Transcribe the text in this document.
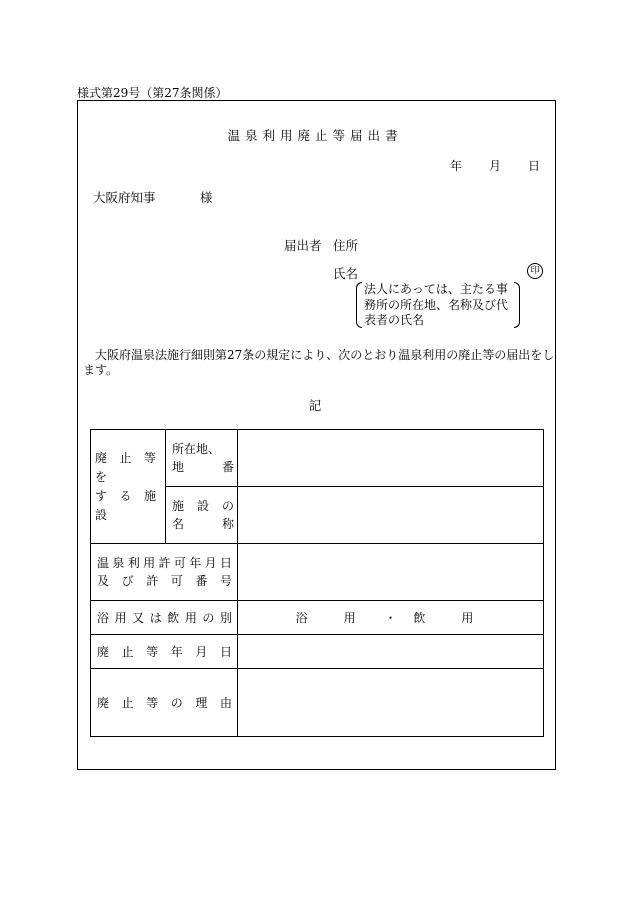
様式第29号（第27条関係）
温泉利用廃止等届出書
年 月 日
大阪府知事	様
届出者 住所
氏名	印
法人にあっては、主たる事務所の所在地、名称及び代表者の氏名
大阪府温泉法施行細則第27条の規定により、次のとおり温泉利用の廃止等の届出をします。
記
廃止等を
する施設	所在地、
地　番	

	施設の
名　称	

温泉利用許可年月日
及び許可番号		

浴用又は飲用の別		浴　用 ・ 飲　用

廃止等年月日		

廃止等の理由		
